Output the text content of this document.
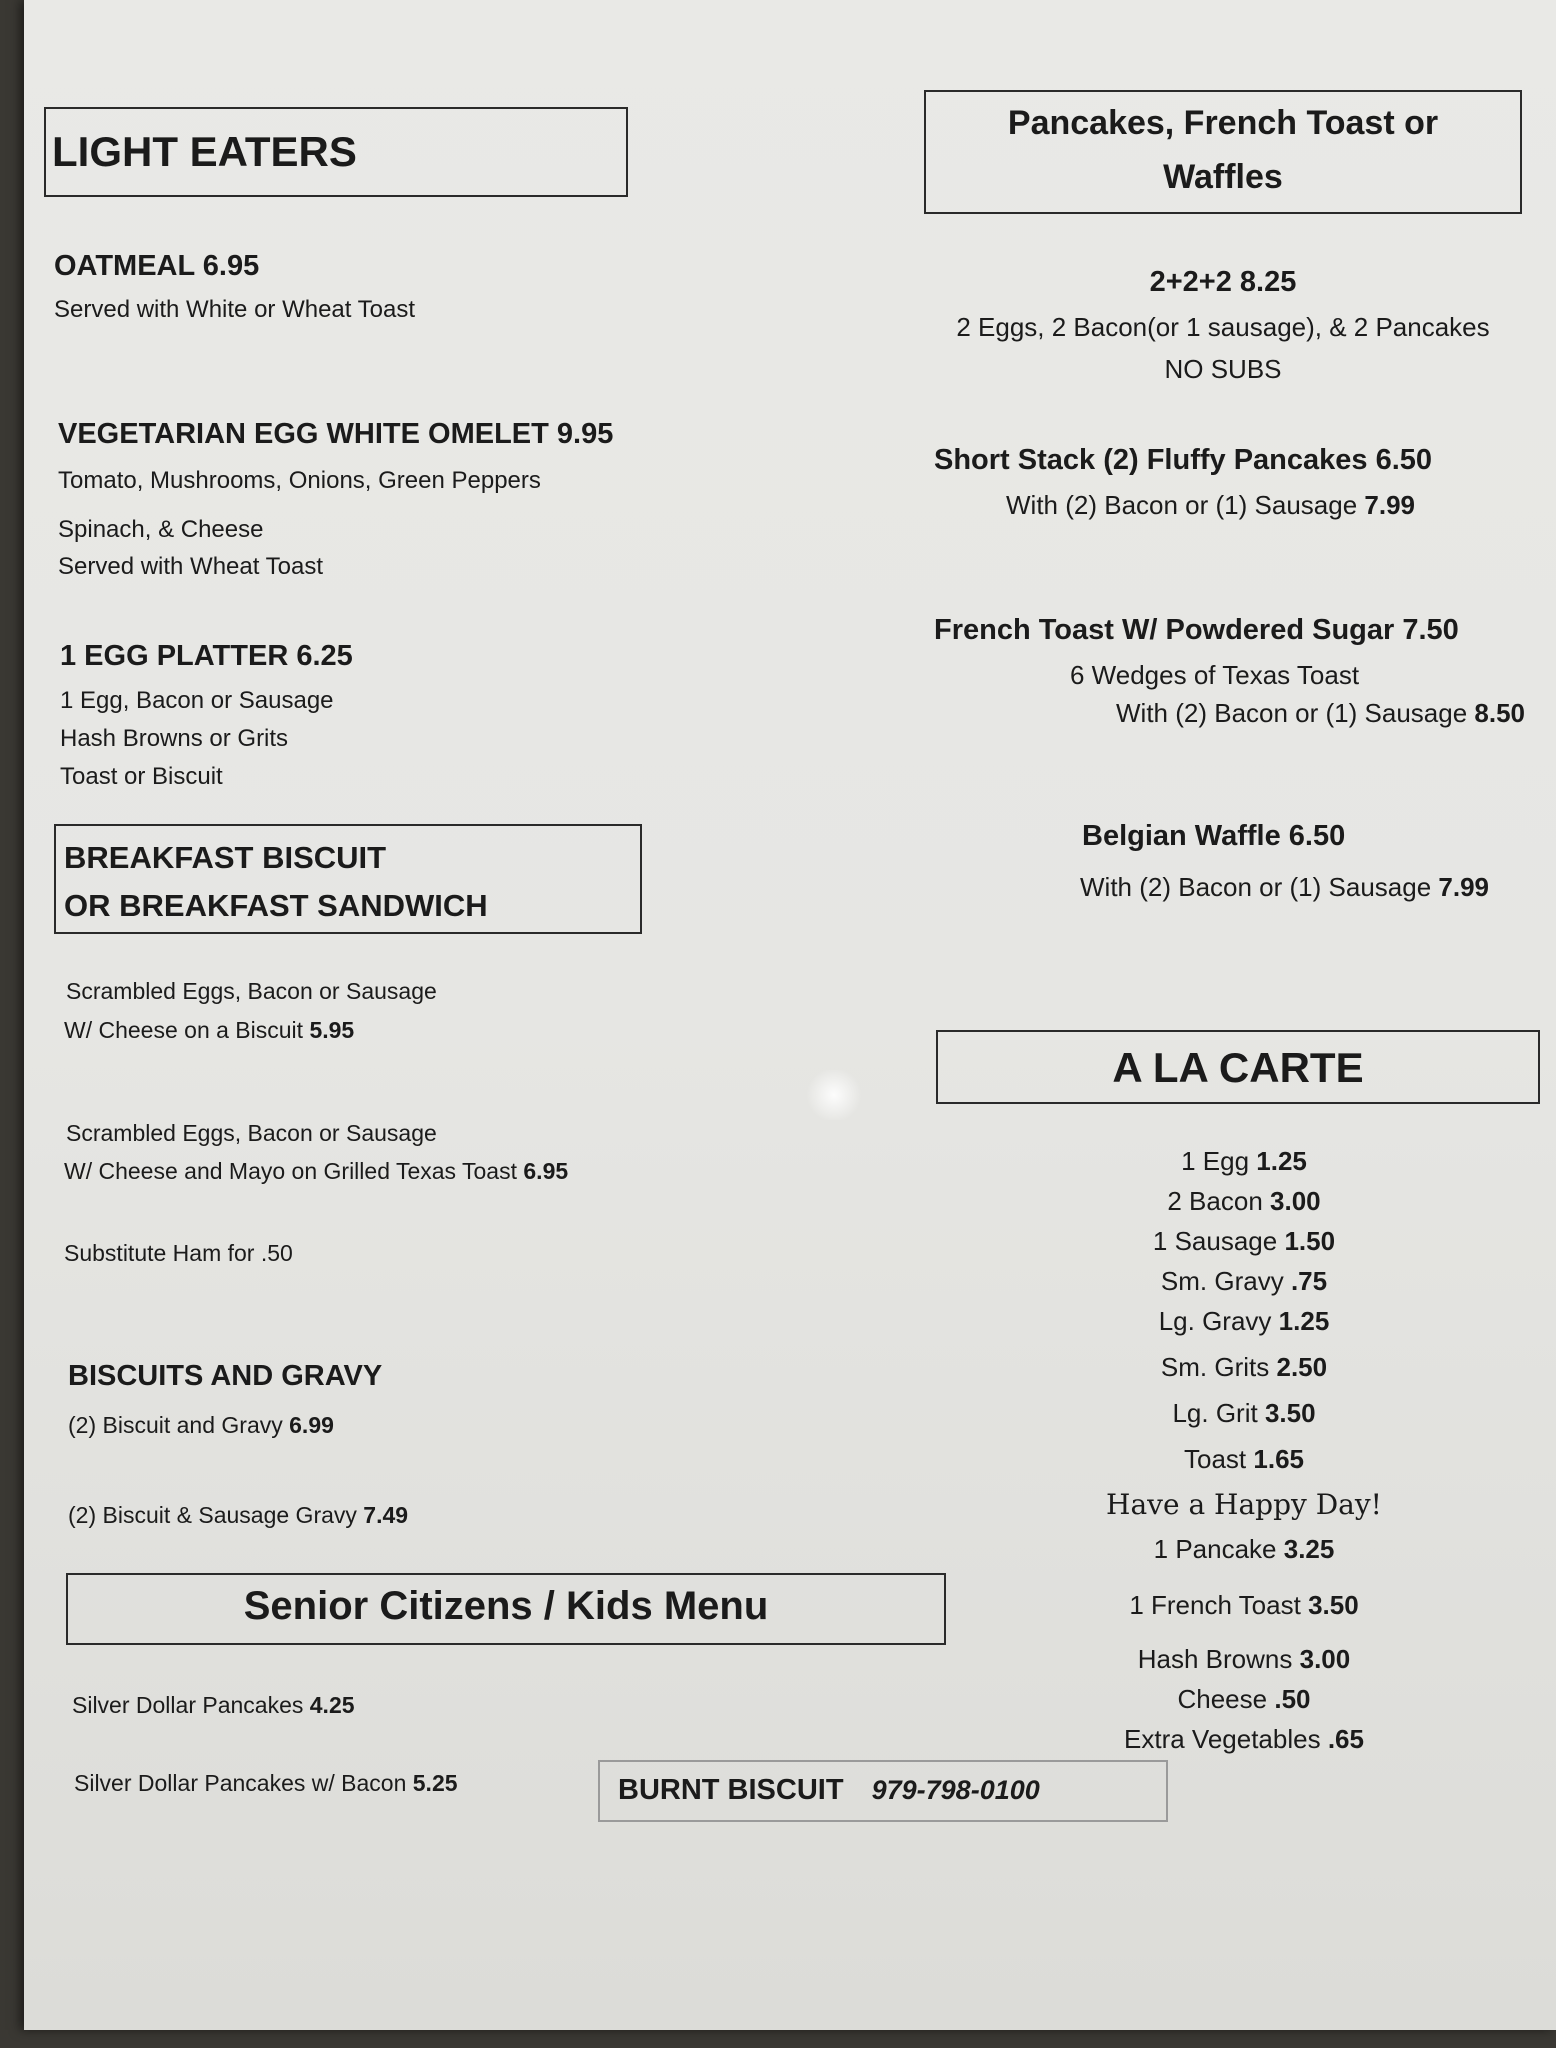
LIGHT EATERS
OATMEAL 6.95
Served with White or Wheat Toast
VEGETARIAN EGG WHITE OMELET 9.95
Tomato, Mushrooms, Onions, Green Peppers
Spinach, & Cheese
Served with Wheat Toast
1 EGG PLATTER 6.25
1 Egg, Bacon or Sausage
Hash Browns or Grits
Toast or Biscuit
BREAKFAST BISCUIT
OR BREAKFAST SANDWICH
Scrambled Eggs, Bacon or Sausage
W/ Cheese on a Biscuit 5.95
Scrambled Eggs, Bacon or Sausage
W/ Cheese and Mayo on Grilled Texas Toast 6.95
Substitute Ham for .50
BISCUITS AND GRAVY
(2) Biscuit and Gravy 6.99
(2) Biscuit & Sausage Gravy 7.49
Senior Citizens / Kids Menu
Silver Dollar Pancakes 4.25
Silver Dollar Pancakes w/ Bacon 5.25	BURNT BISCUIT 979-798-0100
Pancakes, French Toast or
Waffles
2+2+2 8.25
2 Eggs, 2 Bacon(or 1 sausage), & 2 Pancakes
NO SUBS
Short Stack (2) Fluffy Pancakes 6.50
With (2) Bacon or (1) Sausage 7.99
French Toast W/ Powdered Sugar 7.50
6 Wedges of Texas Toast
With (2) Bacon or (1) Sausage 8.50
Belgian Waffle 6.50
With (2) Bacon or (1) Sausage 7.99
A LA CARTE
1 Egg 1.25
2 Bacon 3.00
1 Sausage 1.50
Sm. Gravy .75
Lg. Gravy 1.25
Sm. Grits 2.50
Lg. Grit 3.50
Toast 1.65
Have a Happy Day!
1 Pancake 3.25
1 French Toast 3.50
Hash Browns 3.00
Cheese .50
Extra Vegetables .65
